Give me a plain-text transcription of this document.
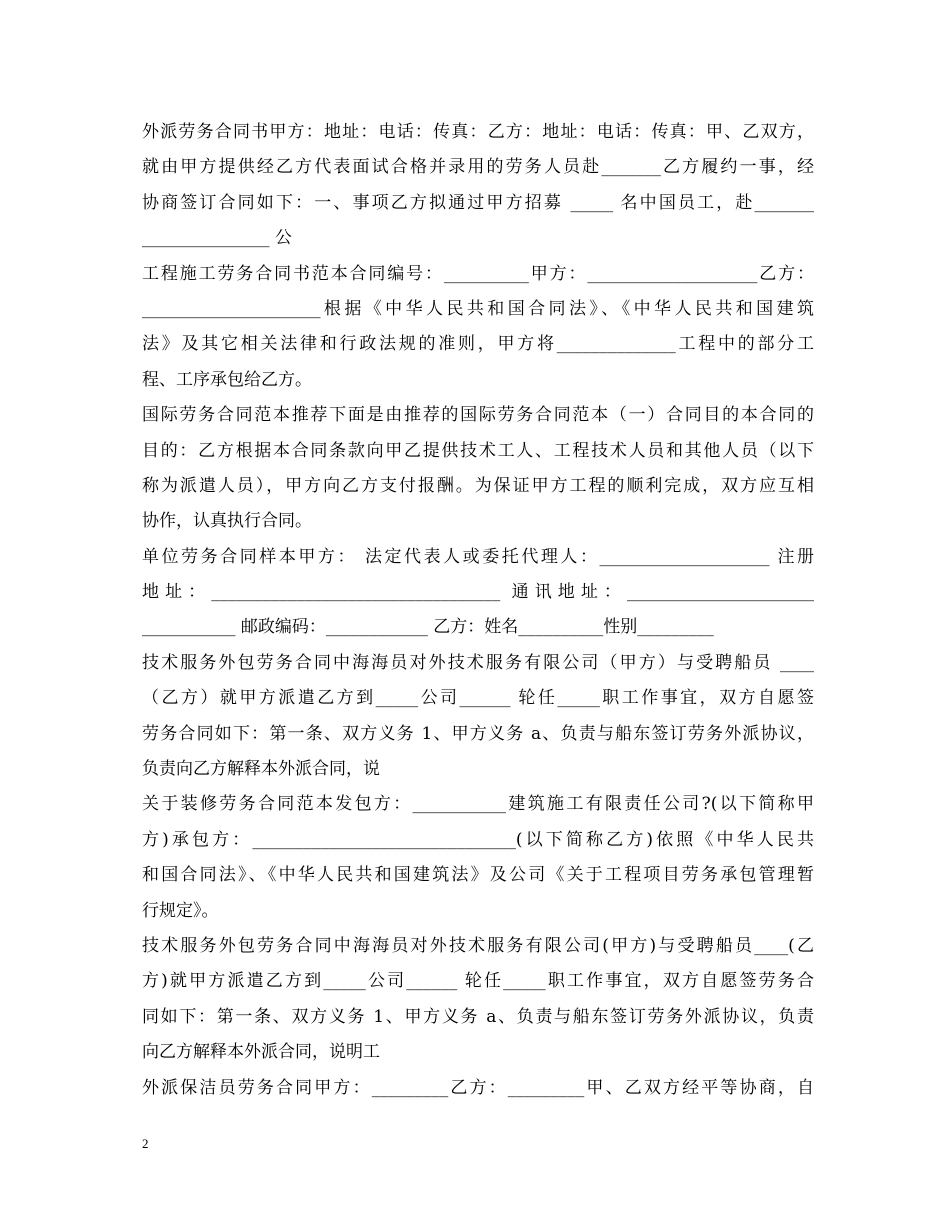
外派劳务合同书甲方：地址：电话：传真：乙方：地址：电话：传真：甲、乙双方，
就由甲方提供经乙方代表面试合格并录用的劳务人员赴_______乙方履约一事，经
协商签订合同如下：一、事项乙方拟通过甲方招募 _____ 名中国员工，赴_______
_______________ 公
工程施工劳务合同书范本合同编号：__________甲方：____________________乙方：
_____________________根据《中华人民共和国合同法》、《中华人民共和国建筑
法》及其它相关法律和行政法规的准则，甲方将______________工程中的部分工
程、工序承包给乙方。
国际劳务合同范本推荐下面是由推荐的国际劳务合同范本（一）合同目的本合同的
目的：乙方根据本合同条款向甲乙提供技术工人、工程技术人员和其他人员（以下
称为派遣人员），甲方向乙方支付报酬。为保证甲方工程的顺利完成，双方应互相
协作，认真执行合同。
单位劳务合同样本甲方： 法定代表人或委托代理人：____________________ 注册
地址：__________________________________ 通讯地址：______________________
___________ 邮政编码：____________ 乙方：姓名__________性别_________
技术服务外包劳务合同中海海员对外技术服务有限公司（甲方）与受聘船员 ____
（乙方）就甲方派遣乙方到_____公司______ 轮任_____职工作事宜，双方自愿签
劳务合同如下：第一条、双方义务 1、甲方义务 a、负责与船东签订劳务外派协议，
负责向乙方解释本外派合同，说
关于装修劳务合同范本发包方：___________建筑施工有限责任公司?(以下简称甲
方)承包方：_______________________________(以下简称乙方)依照《中华人民共
和国合同法》、《中华人民共和国建筑法》及公司《关于工程项目劳务承包管理暂
行规定》。
技术服务外包劳务合同中海海员对外技术服务有限公司(甲方)与受聘船员____(乙
方)就甲方派遣乙方到_____公司______ 轮任_____职工作事宜，双方自愿签劳务合
同如下：第一条、双方义务 1、甲方义务 a、负责与船东签订劳务外派协议，负责
向乙方解释本外派合同，说明工
外派保洁员劳务合同甲方：_________乙方：_________甲、乙双方经平等协商，自
2
